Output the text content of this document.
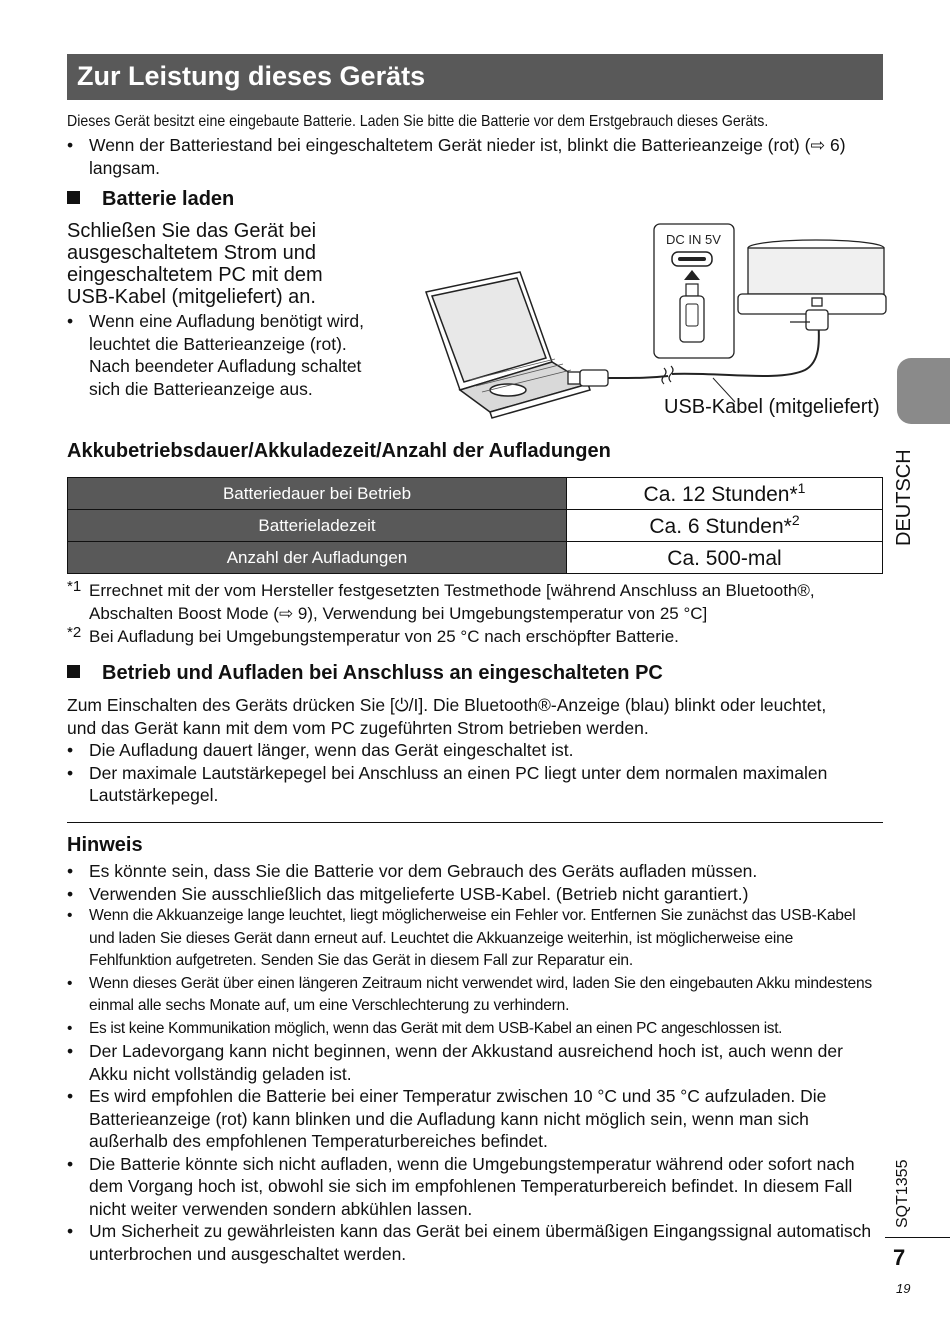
Zur Leistung dieses Geräts
Dieses Gerät besitzt eine eingebaute Batterie. Laden Sie bitte die Batterie vor dem Erstgebrauch dieses Geräts.
• Wenn der Batteriestand bei eingeschaltetem Gerät nieder ist, blinkt die Batterieanzeige (rot) (⇨ 6) langsam.
Batterie laden
Schließen Sie das Gerät bei ausgeschaltetem Strom und eingeschaltetem PC mit dem USB-Kabel (mitgeliefert) an.
• Wenn eine Aufladung benötigt wird, leuchtet die Batterieanzeige (rot). Nach beendeter Aufladung schaltet sich die Batterieanzeige aus.
DC IN 5V
USB-Kabel (mitgeliefert)
Akkubetriebsdauer/Akkuladezeit/Anzahl der Aufladungen
Batteriedauer bei Betrieb	Ca. 12 Stunden*$^1$
Batterieladezeit	Ca. 6 Stunden*$^2$
Anzahl der Aufladungen	Ca. 500-mal
*1 Errechnet mit der vom Hersteller festgesetzten Testmethode [während Anschluss an Bluetooth®, Abschalten Boost Mode (⇨ 9), Verwendung bei Umgebungstemperatur von 25 °C]
*2 Bei Aufladung bei Umgebungstemperatur von 25 °C nach erschöpfter Batterie.
Betrieb und Aufladen bei Anschluss an eingeschalteten PC
Zum Einschalten des Geräts drücken Sie [⏻/I]. Die Bluetooth®-Anzeige (blau) blinkt oder leuchtet, und das Gerät kann mit dem vom PC zugeführten Strom betrieben werden.
• Die Aufladung dauert länger, wenn das Gerät eingeschaltet ist.
• Der maximale Lautstärkepegel bei Anschluss an einen PC liegt unter dem normalen maximalen Lautstärkepegel.
Hinweis
• Es könnte sein, dass Sie die Batterie vor dem Gebrauch des Geräts aufladen müssen.
• Verwenden Sie ausschließlich das mitgelieferte USB-Kabel. (Betrieb nicht garantiert.)
• Wenn die Akkuanzeige lange leuchtet, liegt möglicherweise ein Fehler vor. Entfernen Sie zunächst das USB-Kabel und laden Sie dieses Gerät dann erneut auf. Leuchtet die Akkuanzeige weiterhin, ist möglicherweise eine Fehlfunktion aufgetreten. Senden Sie das Gerät in diesem Fall zur Reparatur ein.
• Wenn dieses Gerät über einen längeren Zeitraum nicht verwendet wird, laden Sie den eingebauten Akku mindestens einmal alle sechs Monate auf, um eine Verschlechterung zu verhindern.
• Es ist keine Kommunikation möglich, wenn das Gerät mit dem USB-Kabel an einen PC angeschlossen ist.
• Der Ladevorgang kann nicht beginnen, wenn der Akkustand ausreichend hoch ist, auch wenn der Akku nicht vollständig geladen ist.
• Es wird empfohlen die Batterie bei einer Temperatur zwischen 10 °C und 35 °C aufzuladen. Die Batterieanzeige (rot) kann blinken und die Aufladung kann nicht möglich sein, wenn man sich außerhalb des empfohlenen Temperaturbereiches befindet.
• Die Batterie könnte sich nicht aufladen, wenn die Umgebungstemperatur während oder sofort nach dem Vorgang hoch ist, obwohl sie sich im empfohlenen Temperaturbereich befindet. In diesem Fall nicht weiter verwenden sondern abkühlen lassen.
• Um Sicherheit zu gewährleisten kann das Gerät bei einem übermäßigen Eingangssignal automatisch unterbrochen und ausgeschaltet werden.
DEUTSCH
SQT1355
7
19
